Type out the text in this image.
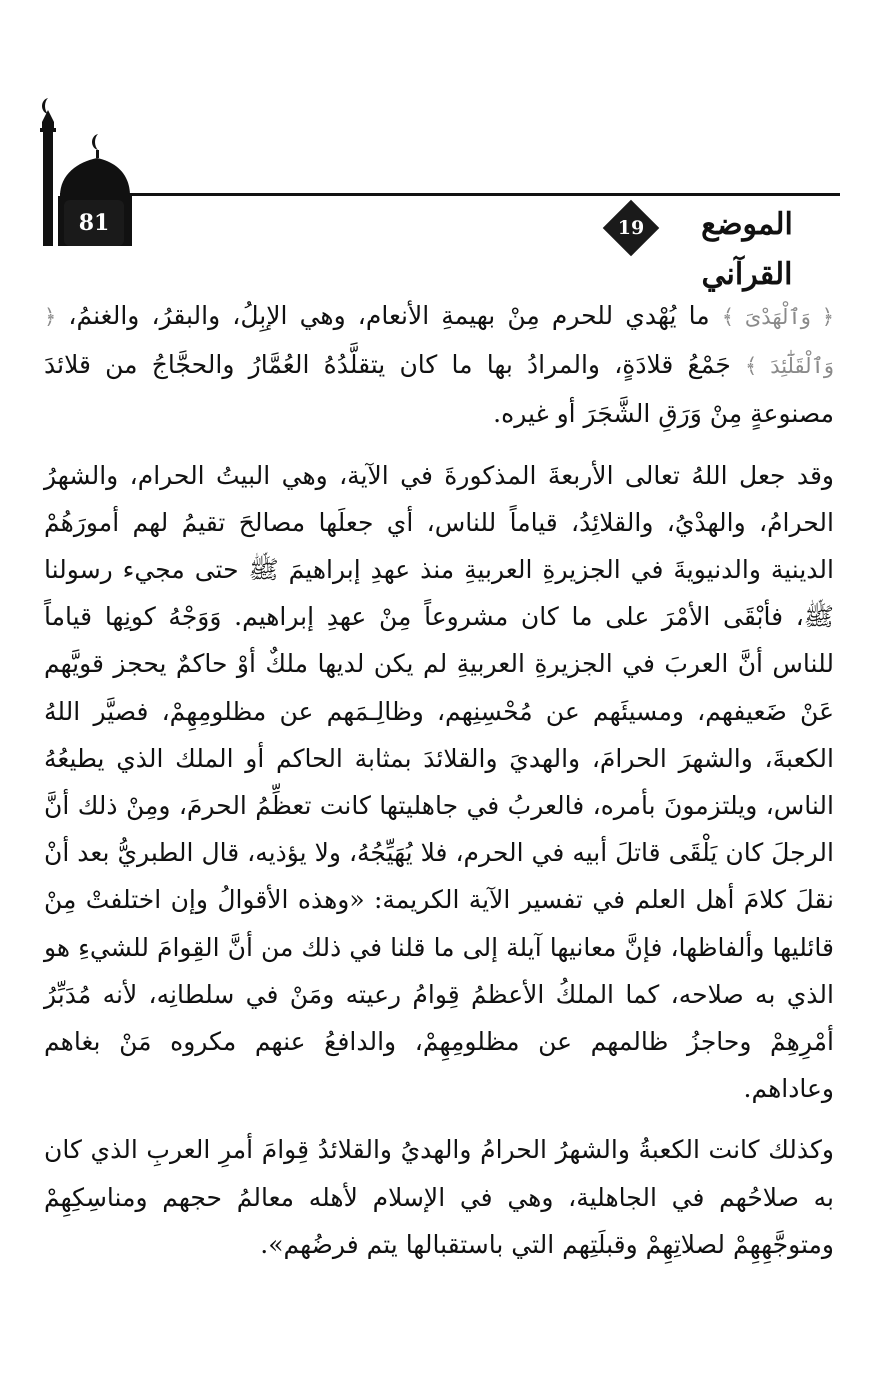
81	19	الموضع القرآني

﴿ وَٱلْهَدْىَ ﴾ ما يُهْدي للحرم مِنْ بهيمةِ الأنعام، وهي الإبِلُ، والبقرُ، والغنمُ، ﴿ وَٱلْقَلَٰٓئِدَ ﴾ جَمْعُ قلادَةٍ، والمرادُ بها ما كان يتقلَّدُهُ العُمَّارُ والحجَّاجُ من قلائدَ مصنوعةٍ مِنْ وَرَقِ الشَّجَرَ أو غيره.

وقد جعل اللهُ تعالى الأربعةَ المذكورةَ في الآية، وهي البيتُ الحرام، والشهرُ الحرامُ، والهدْيُ، والقلائِدُ، قياماً للناس، أي جعلَها مصالحَ تقيمُ لهم أمورَهُمْ الدينية والدنيويةَ في الجزيرةِ العربيةِ منذ عهدِ إبراهيمَ ﷺ حتى مجيء رسولنا ﷺ، فأبْقَى الأمْرَ على ما كان مشروعاً مِنْ عهدِ إبراهيم. وَوَجْهُ كونِها قياماً للناس أنَّ العربَ في الجزيرةِ العربيةِ لم يكن لديها ملكٌ أوْ حاكمٌ يحجز قويَّهم عَنْ ضَعيفهم، ومسيئَهم عن مُحْسِنِهم، وظالِـمَهم عن مظلومِهِمْ، فصيَّر اللهُ الكعبةَ، والشهرَ الحرامَ، والهديَ والقلائدَ بمثابة الحاكم أو الملك الذي يطيعُهُ الناس، ويلتزمونَ بأمره، فالعربُ في جاهليتها كانت تعظِّمُ الحرمَ، ومِنْ ذلك أنَّ الرجلَ كان يَلْقَى قاتلَ أبيه في الحرم، فلا يُهَيِّجُهُ، ولا يؤذيه، قال الطبريُّ بعد أنْ نقلَ كلامَ أهل العلم في تفسير الآية الكريمة: «وهذه الأقوالُ وإن اختلفتْ مِنْ قائليها وألفاظها، فإنَّ معانيها آيلة إلى ما قلنا في ذلك من أنَّ القِوامَ للشيءِ هو الذي به صلاحه، كما الملكُ الأعظمُ قِوامُ رعيته ومَنْ في سلطانِه، لأنه مُدَبِّرُ أمْرِهِمْ وحاجزُ ظالمهم عن مظلومِهِمْ، والدافعُ عنهم مكروه مَنْ بغاهم وعاداهم.

وكذلك كانت الكعبةُ والشهرُ الحرامُ والهديُ والقلائدُ قِوامَ أمرِ العربِ الذي كان به صلاحُهم في الجاهلية، وهي في الإسلام لأهله معالمُ حجهم ومناسِكِهِمْ ومتوجَّهِهِمْ لصلاتِهِمْ وقبلَتِهم التي باستقبالها يتم فرضُهم».
